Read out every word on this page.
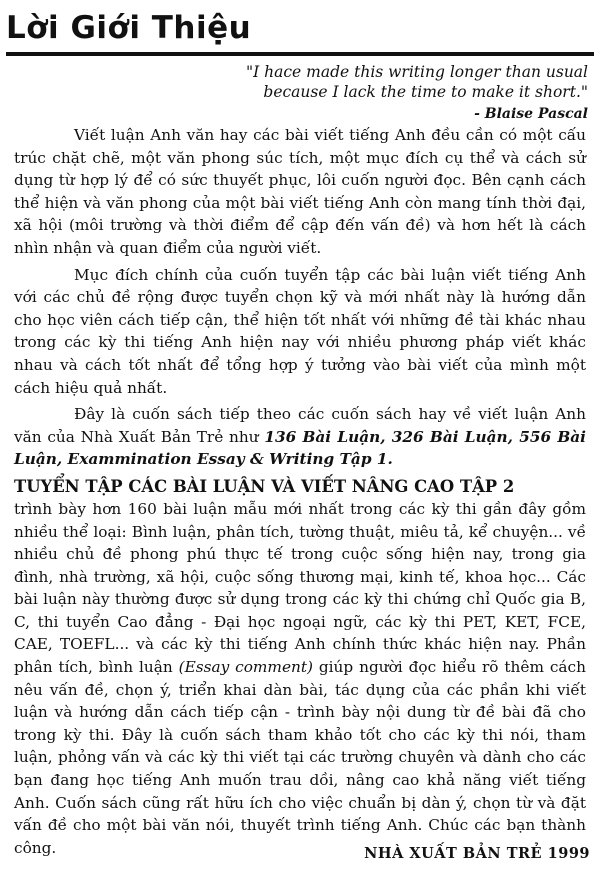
Lời Giới Thiệu
"I hace made this writing longer than usual
because I lack the time to make it short."
- Blaise Pascal

Viết luận Anh văn hay các bài viết tiếng Anh đều cần có một cấu trúc chặt chẽ, một văn phong súc tích, một mục đích cụ thể và cách sử dụng từ hợp lý để có sức thuyết phục, lôi cuốn người đọc. Bên cạnh cách thể hiện và văn phong của một bài viết tiếng Anh còn mang tính thời đại, xã hội (môi trường và thời điểm để cập đến vấn đề) và hơn hết là cách nhìn nhận và quan điểm của người viết.

Mục đích chính của cuốn tuyển tập các bài luận viết tiếng Anh với các chủ đề rộng được tuyển chọn kỹ và mới nhất này là hướng dẫn cho học viên cách tiếp cận, thể hiện tốt nhất với những đề tài khác nhau trong các kỳ thi tiếng Anh hiện nay với nhiều phương pháp viết khác nhau và cách tốt nhất để tổng hợp ý tưởng vào bài viết của mình một cách hiệu quả nhất.

Đây là cuốn sách tiếp theo các cuốn sách hay về viết luận Anh văn của Nhà Xuất Bản Trẻ như 136 Bài Luận, 326 Bài Luận, 556 Bài Luận, Exammination Essay & Writing Tập 1.

TUYỂN TẬP CÁC BÀI LUẬN VÀ VIẾT NÂNG CAO TẬP 2

trình bày hơn 160 bài luận mẫu mới nhất trong các kỳ thi gần đây gồm nhiều thể loại: Bình luận, phân tích, tường thuật, miêu tả, kể chuyện... về nhiều chủ đề phong phú thực tế trong cuộc sống hiện nay, trong gia đình, nhà trường, xã hội, cuộc sống thương mại, kinh tế, khoa học... Các bài luận này thường được sử dụng trong các kỳ thi chứng chỉ Quốc gia B, C, thi tuyển Cao đẳng - Đại học ngoại ngữ, các kỳ thi PET, KET, FCE, CAE, TOEFL... và các kỳ thi tiếng Anh chính thức khác hiện nay. Phần phân tích, bình luận (Essay comment) giúp người đọc hiểu rõ thêm cách nêu vấn đề, chọn ý, triển khai dàn bài, tác dụng của các phần khi viết luận và hướng dẫn cách tiếp cận - trình bày nội dung từ đề bài đã cho trong kỳ thi. Đây là cuốn sách tham khảo tốt cho các kỳ thi nói, tham luận, phỏng vấn và các kỳ thi viết tại các trường chuyên và dành cho các bạn đang học tiếng Anh muốn trau dồi, nâng cao khả năng viết tiếng Anh. Cuốn sách cũng rất hữu ích cho việc chuẩn bị dàn ý, chọn từ và đặt vấn đề cho một bài văn nói, thuyết trình tiếng Anh. Chúc các bạn thành công.	NHÀ XUẤT BẢN TRẺ 1999
